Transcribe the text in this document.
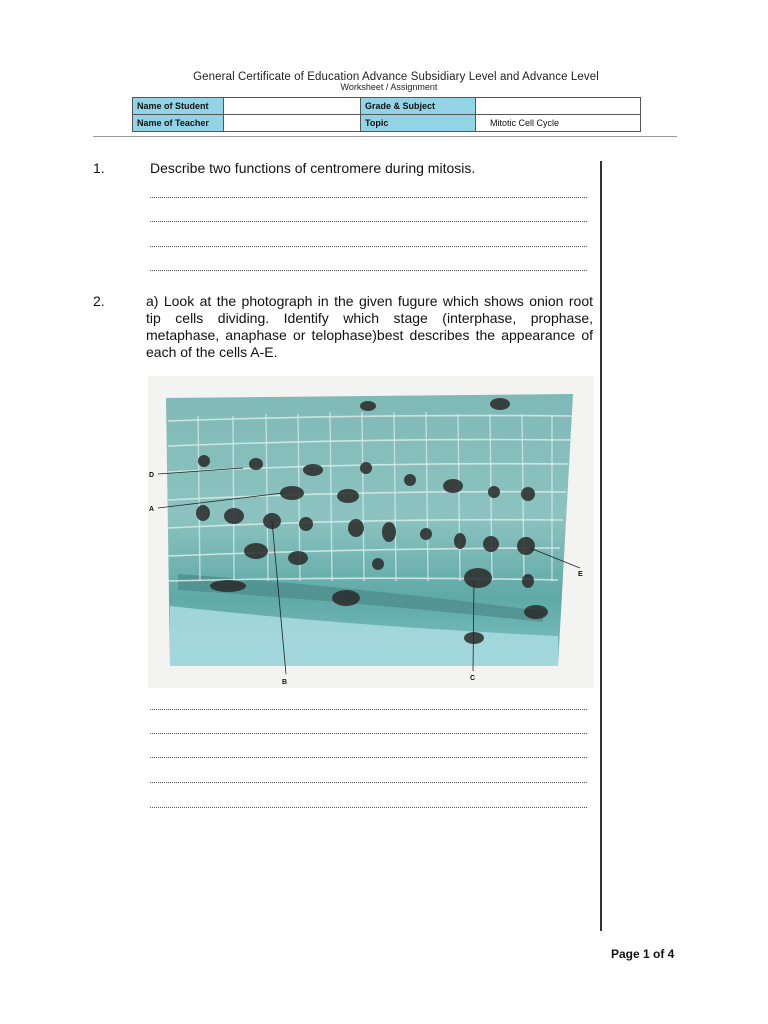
General Certificate of Education Advance Subsidiary Level and Advance Level
Worksheet / Assignment
Name of Student		Grade & Subject	
Name of Teacher		Topic	Mitotic Cell Cycle
1.	Describe two functions of centromere during mitosis.
2.	a) Look at the photograph in the given fugure which shows onion root tip cells dividing. Identify which stage (interphase, prophase, metaphase, anaphase or telophase)best describes the appearance of each of the cells A-E.
D
A
B
C
E
Page 1 of 4
